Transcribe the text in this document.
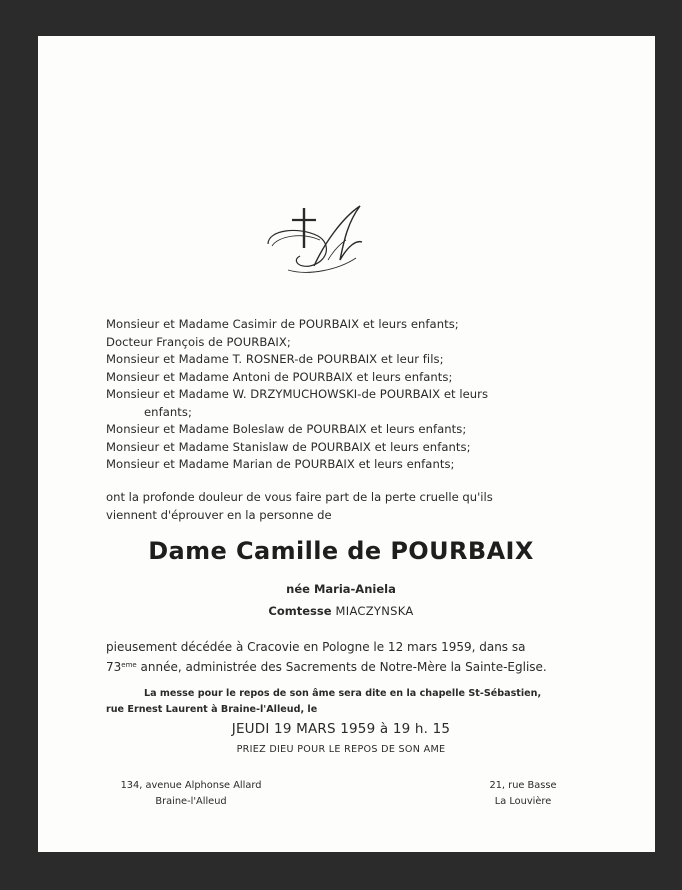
Monsieur et Madame Casimir de POURBAIX et leurs enfants;
Docteur François de POURBAIX;
Monsieur et Madame T. ROSNER-de POURBAIX et leur fils;
Monsieur et Madame Antoni de POURBAIX et leurs enfants;
Monsieur et Madame W. DRZYMUCHOWSKI-de POURBAIX et leurs
enfants;
Monsieur et Madame Boleslaw de POURBAIX et leurs enfants;
Monsieur et Madame Stanislaw de POURBAIX et leurs enfants;
Monsieur et Madame Marian de POURBAIX et leurs enfants;
ont la profonde douleur de vous faire part de la perte cruelle qu'ils
viennent d'éprouver en la personne de
Dame Camille de POURBAIX
née Maria-Aniela
Comtesse MIACZYNSKA
pieusement décédée à Cracovie en Pologne le 12 mars 1959, dans sa
73eme année, administrée des Sacrements de Notre-Mère la Sainte-Eglise.
La messe pour le repos de son âme sera dite en la chapelle St-Sébastien,
rue Ernest Laurent à Braine-l'Alleud, le
JEUDI 19 MARS 1959 à 19 h. 15
PRIEZ DIEU POUR LE REPOS DE SON AME
134, avenue Alphonse Allard
Braine-l'Alleud
21, rue Basse
La Louvière
